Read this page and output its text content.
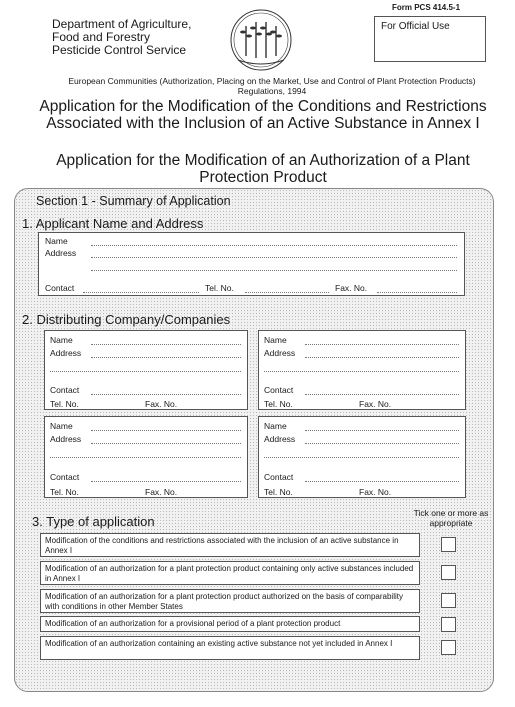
Department of Agriculture,
Food and Forestry
Pesticide Control Service
Form PCS 414.5-1
For Official Use
European Communities (Authorization, Placing on the Market, Use and Control of Plant Protection Products) Regulations, 1994
Application for the Modification of the Conditions and Restrictions Associated with the Inclusion of an Active Substance in Annex I
Application for the Modification of an Authorization of a Plant Protection Product
Section 1 - Summary of Application
1. Applicant Name and Address
Name
Address
Contact	Tel. No.	Fax. No.
2. Distributing Company/Companies
Name
Address
Contact
Tel. No.	Fax. No.
Name
Address
Contact
Tel. No.	Fax. No.
Name
Address
Contact
Tel. No.	Fax. No.
Name
Address
Contact
Tel. No.	Fax. No.
3. Type of application
Tick one or more as appropriate
Modification of the conditions and restrictions associated with the inclusion of an active substance in Annex I
Modification of an authorization for a plant protection product containing only active substances included in Annex I
Modification of an authorization for a plant protection product authorized on the basis of comparability with conditions in other Member States
Modification of an authorization for a provisional period of a plant protection product
Modification of an authorization containing an existing active substance not yet included in Annex I
